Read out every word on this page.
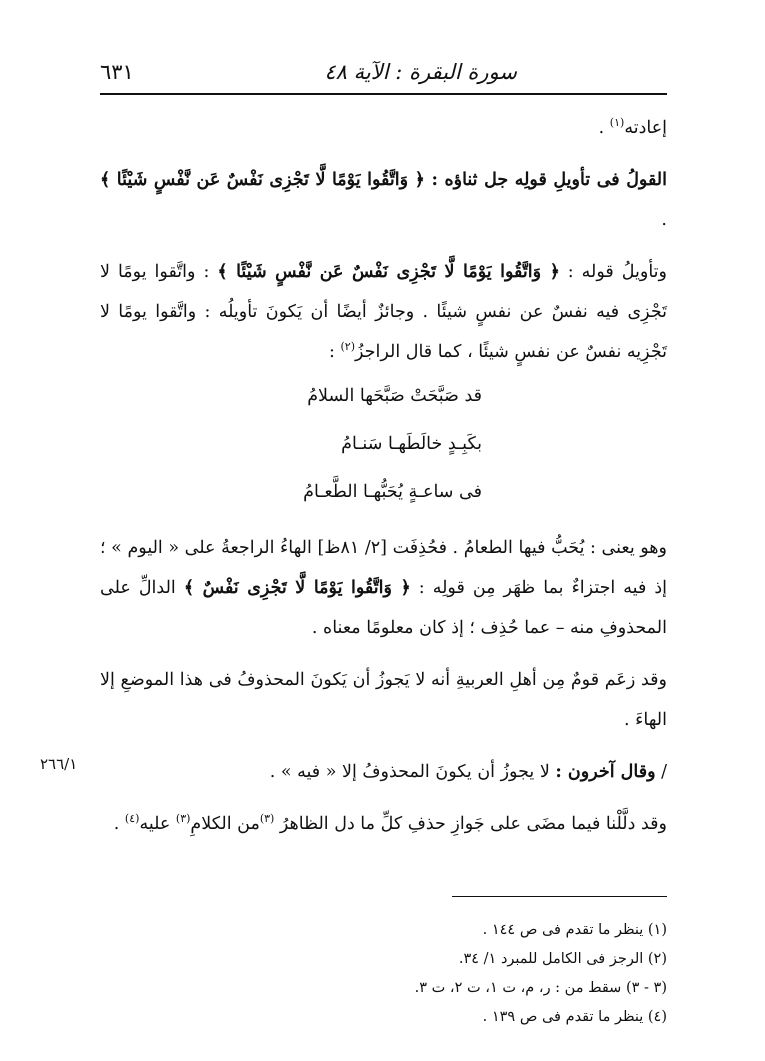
سورة البقرة : الآية ٤٨
٦٣١

إعادته$^{(١)}$ .

القولُ فى تأويلِ قولِه جل ثناؤه : ﴿ وَاتَّقُوا يَوْمًا لَّا تَجْزِى نَفْسٌ عَن نَّفْسٍ شَيْئًا ﴾ .

وتأويلُ قوله : ﴿ وَاتَّقُوا يَوْمًا لَّا تَجْزِى نَفْسٌ عَن نَّفْسٍ شَيْئًا ﴾ : واتَّقوا يومًا لا تَجْزِى فيه نفسٌ عن نفسٍ شيئًا . وجائزٌ أيضًا أن يَكونَ تأويلُه : واتَّقوا يومًا لا تَجْزِيه نفسٌ عن نفسٍ شيئًا ، كما قال الراجزُ$^{(٢)}$ :

قد صَبَّحَتْ صَبَّحَها السلامُ
بكَبِـدٍ خالَطَهـا سَنـامُ
فى ساعـةٍ يُحَبُّهـا الطَّعـامُ

وهو يعنى : يُحَبُّ فيها الطعامُ . فحُذِفَت [٢/ ٨١ظ] الهاءُ الراجعةُ على « اليوم » ؛ إذ فيه اجتزاءٌ بما ظهَر مِن قولِه : ﴿ وَاتَّقُوا يَوْمًا لَّا تَجْزِى نَفْسٌ ﴾ الدالِّ على المحذوفِ منه – عما حُذِف ؛ إذ كان معلومًا معناه .

وقد زعَم قومٌ مِن أهلِ العربيةِ أنه لا يَجوزُ أن يَكونَ المحذوفُ فى هذا الموضعِ إلا الهاءَ .

/ وقال آخرون : لا يجوزُ أن يكونَ المحذوفُ إلا « فيه » .

وقد دلَّلْنا فيما مضَى على جَوازِ حذفِ كلِّ ما دل الظاهرُ $^{(٣)}$من الكلامِ$^{(٣)}$ عليه$^{(٤)}$ .

٢٦٦/١

(١) ينظر ما تقدم فى ص ١٤٤ .

(٢) الرجز فى الكامل للمبرد ١/ ٣٤.

(٣ - ٣) سقط من : ر، م، ت ١، ت ٢، ت ٣.

(٤) ينظر ما تقدم فى ص ١٣٩ .
